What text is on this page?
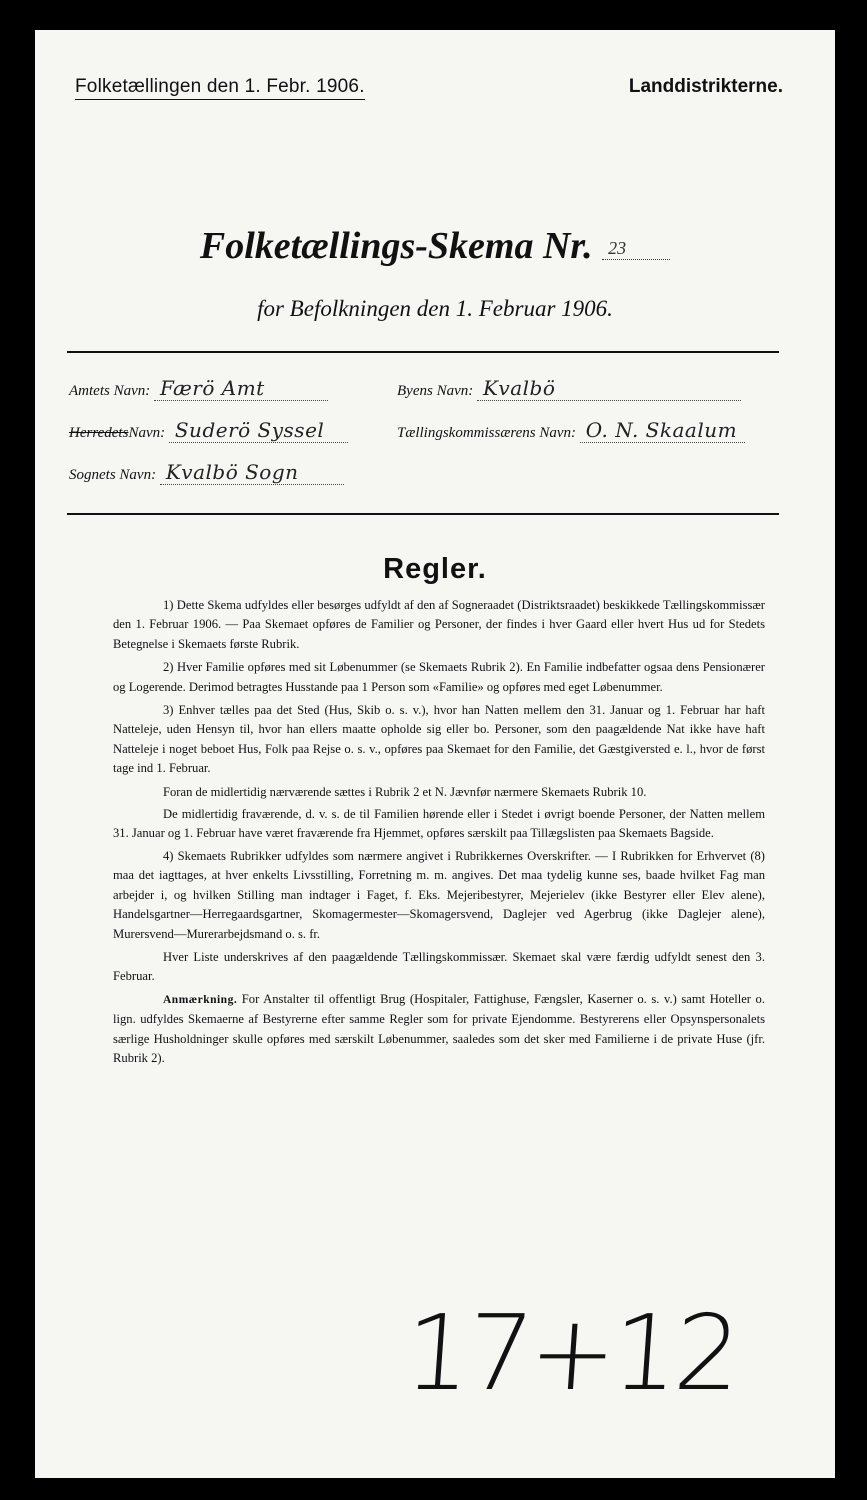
Folketællingen den 1. Febr. 1906.	Landdistrikterne.
Folketællings-Skema Nr. 23
for Befolkningen den 1. Februar 1906.
Amtets Navn: Færö Amt	Byens Navn: Kvalbö
HerredetsNavn: Suderö Syssel	Tællingskommissærens Navn: O. N. Skaalum
Sognets Navn: Kvalbö Sogn
Regler.

1) Dette Skema udfyldes eller besørges udfyldt af den af Sogneraadet (Distriktsraadet) beskikkede Tællingskommissær den 1. Februar 1906. — Paa Skemaet opføres de Familier og Personer, der findes i hver Gaard eller hvert Hus ud for Stedets Betegnelse i Skemaets første Rubrik.

2) Hver Familie opføres med sit Løbenummer (se Skemaets Rubrik 2). En Familie indbefatter ogsaa dens Pensionærer og Logerende. Derimod betragtes Husstande paa 1 Person som «Familie» og opføres med eget Løbenummer.

3) Enhver tælles paa det Sted (Hus, Skib o. s. v.), hvor han Natten mellem den 31. Januar og 1. Februar har haft Natteleje, uden Hensyn til, hvor han ellers maatte opholde sig eller bo. Personer, som den paagældende Nat ikke have haft Natteleje i noget beboet Hus, Folk paa Rejse o. s. v., opføres paa Skemaet for den Familie, det Gæstgiversted e. l., hvor de først tage ind 1. Februar.

Foran de midlertidig nærværende sættes i Rubrik 2 et N. Jævnfør nærmere Skemaets Rubrik 10.

De midlertidig fraværende, d. v. s. de til Familien hørende eller i Stedet i øvrigt boende Personer, der Natten mellem 31. Januar og 1. Februar have været fraværende fra Hjemmet, opføres særskilt paa Tillægslisten paa Skemaets Bagside.

4) Skemaets Rubrikker udfyldes som nærmere angivet i Rubrikkernes Overskrifter. — I Rubrikken for Erhvervet (8) maa det iagttages, at hver enkelts Livsstilling, Forretning m. m. angives. Det maa tydelig kunne ses, baade hvilket Fag man arbejder i, og hvilken Stilling man indtager i Faget, f. Eks. Mejeribestyrer, Mejerielev (ikke Bestyrer eller Elev alene), Handelsgartner—Herregaardsgartner, Skomagermester—Skomagersvend, Daglejer ved Agerbrug (ikke Daglejer alene), Murersvend—Murerarbejdsmand o. s. fr.

Hver Liste underskrives af den paagældende Tællingskommissær. Skemaet skal være færdig udfyldt senest den 3. Februar.

Anmærkning. For Anstalter til offentligt Brug (Hospitaler, Fattighuse, Fængsler, Kaserner o. s. v.) samt Hoteller o. lign. udfyldes Skemaerne af Bestyrerne efter samme Regler som for private Ejendomme. Bestyrerens eller Opsynspersonalets særlige Husholdninger skulle opføres med særskilt Løbenummer, saaledes som det sker med Familierne i de private Huse (jfr. Rubrik 2).

17+12
